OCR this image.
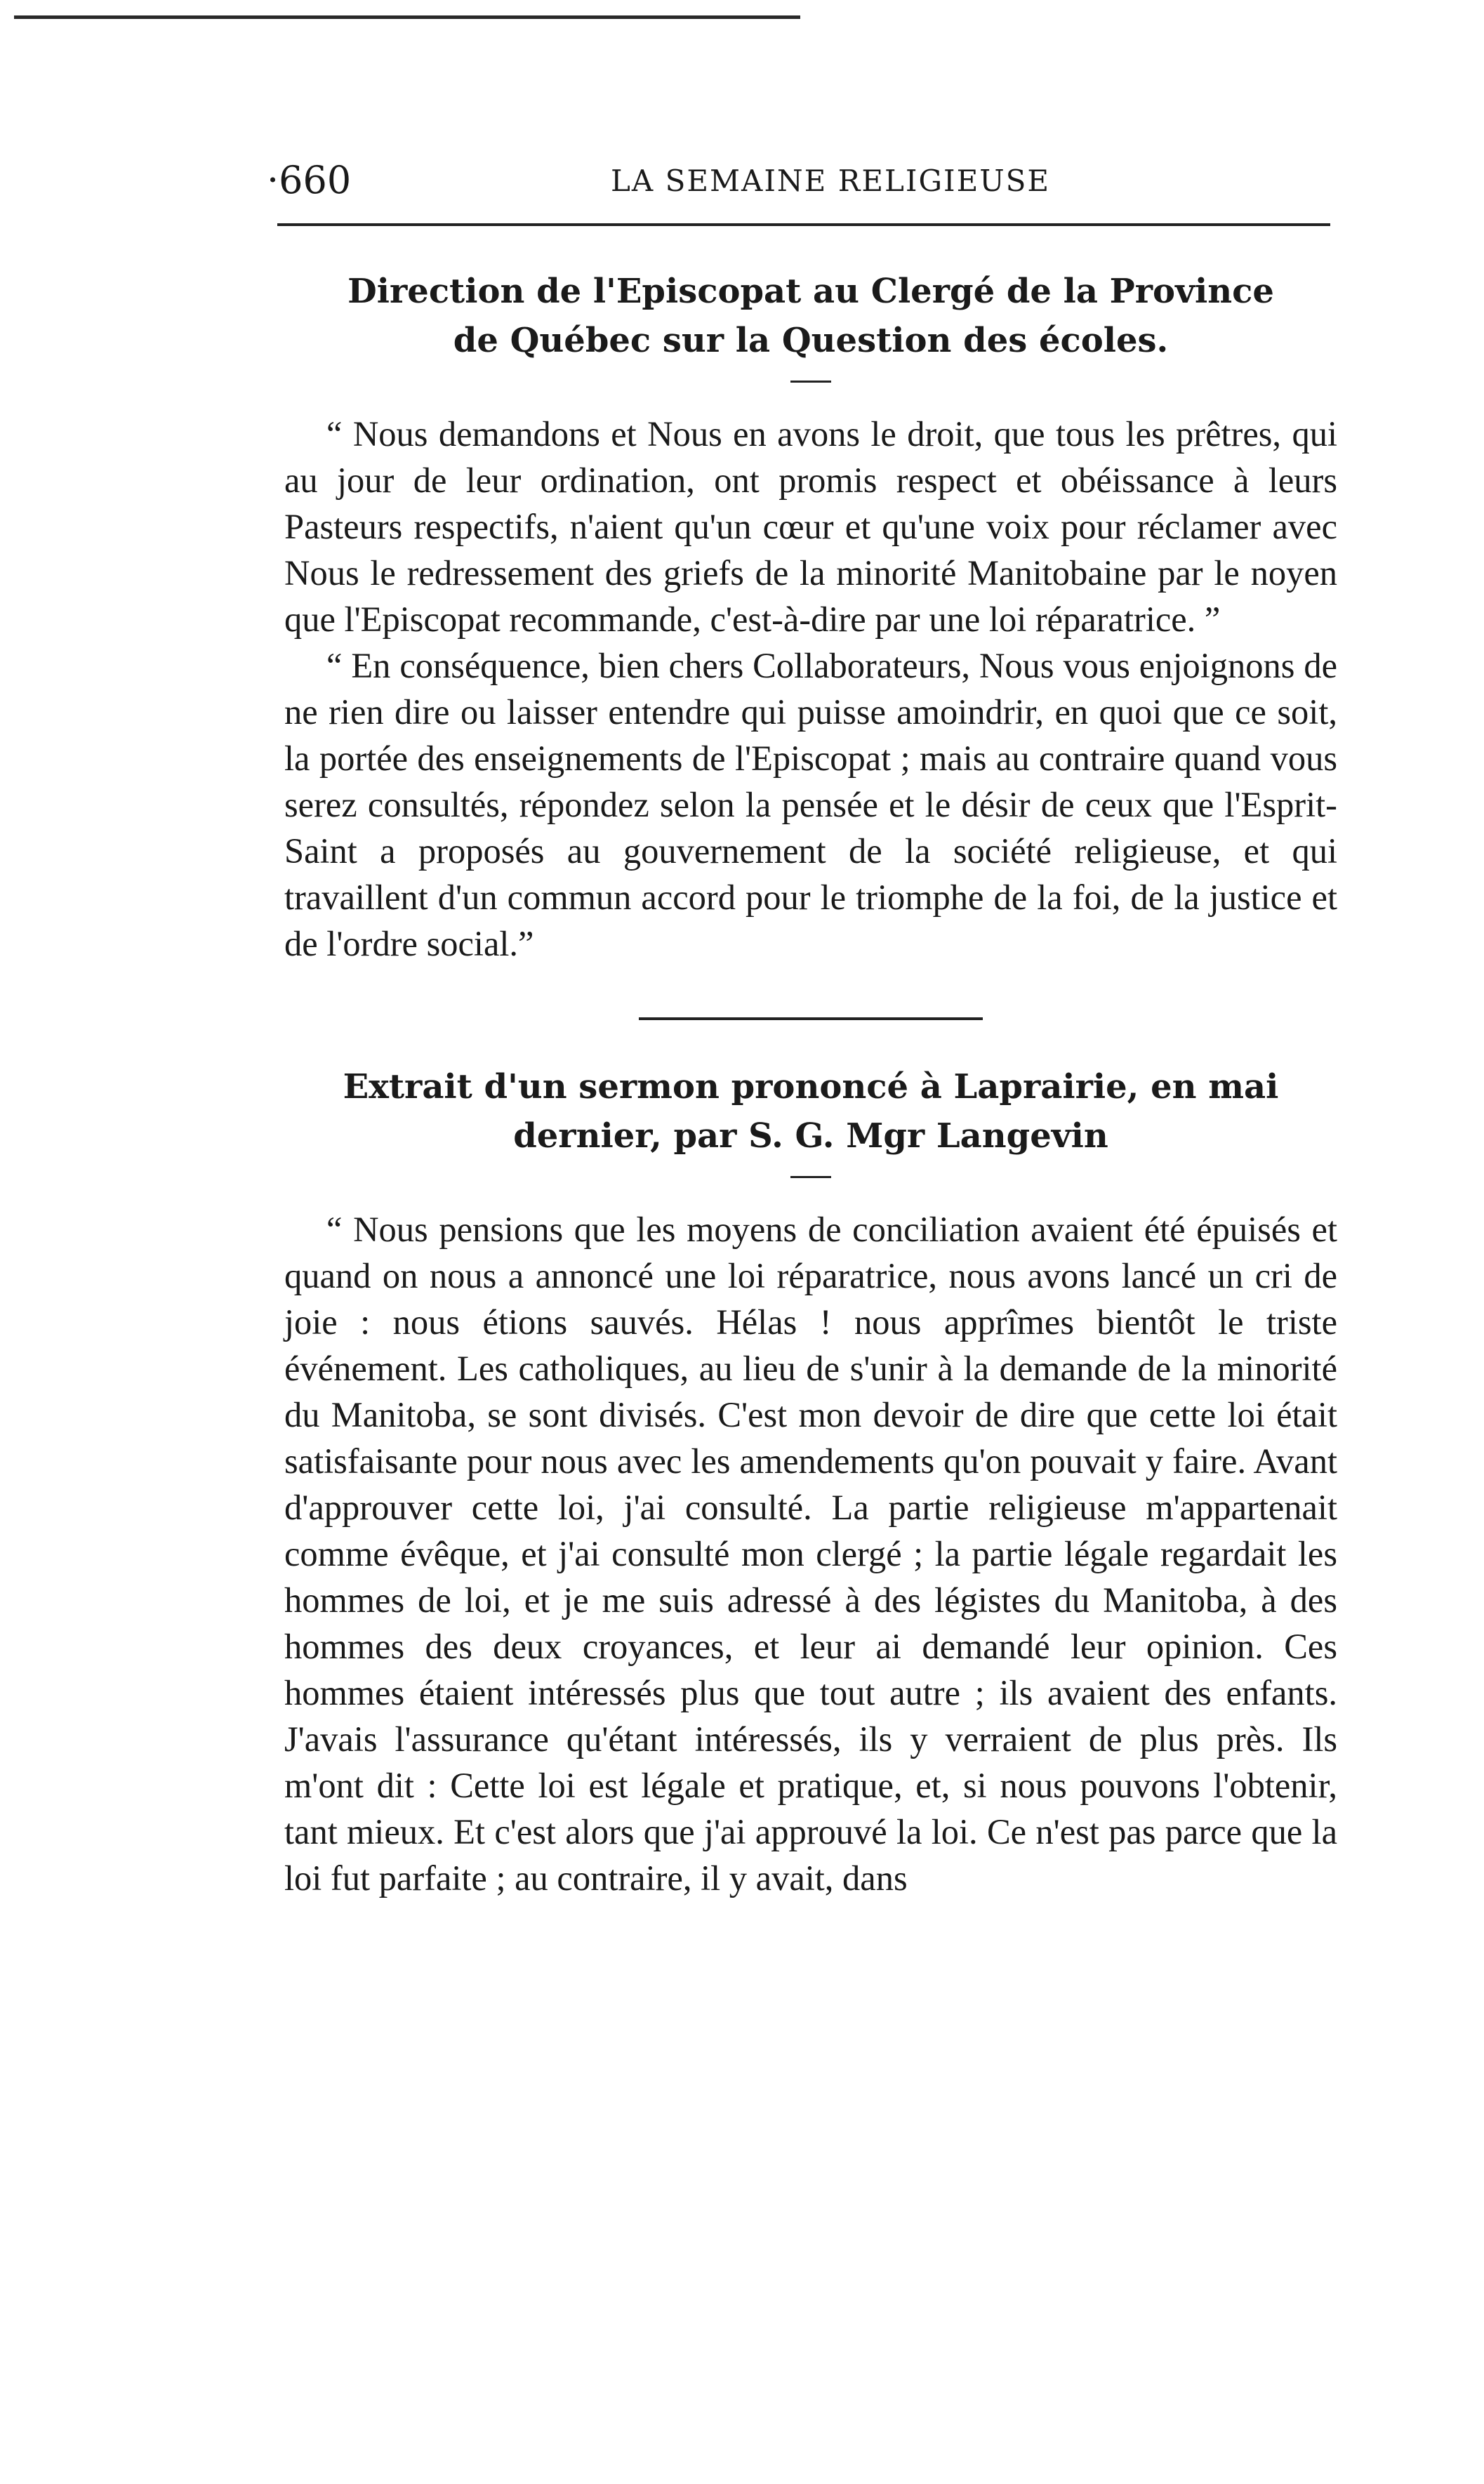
·660	LA SEMAINE RELIGIEUSE
Direction de l'Episcopat au Clergé de la Province
de Québec sur la Question des écoles.

“ Nous demandons et Nous en avons le droit, que tous les prêtres, qui au jour de leur ordination, ont promis respect et obéissance à leurs Pasteurs respectifs, n'aient qu'un cœur et qu'une voix pour réclamer avec Nous le redressement des griefs de la minorité Manitobaine par le noyen que l'Episcopat recommande, c'est-à-dire par une loi réparatrice. ”

“ En conséquence, bien chers Collaborateurs, Nous vous enjoignons de ne rien dire ou laisser entendre qui puisse amoindrir, en quoi que ce soit, la portée des enseignements de l'Episcopat ; mais au contraire quand vous serez consultés, répondez selon la pensée et le désir de ceux que l'Esprit-Saint a proposés au gouvernement de la société religieuse, et qui travaillent d'un commun accord pour le triomphe de la foi, de la justice et de l'ordre social.”

Extrait d'un sermon prononcé à Laprairie, en mai
dernier, par S. G. Mgr Langevin

“ Nous pensions que les moyens de conciliation avaient été épuisés et quand on nous a annoncé une loi réparatrice, nous avons lancé un cri de joie : nous étions sauvés. Hélas ! nous apprîmes bientôt le triste événement. Les catholiques, au lieu de s'unir à la demande de la minorité du Manitoba, se sont divisés. C'est mon devoir de dire que cette loi était satisfaisante pour nous avec les amendements qu'on pouvait y faire. Avant d'approuver cette loi, j'ai consulté. La partie religieuse m'appartenait comme évêque, et j'ai consulté mon clergé ; la partie légale regardait les hommes de loi, et je me suis adressé à des légistes du Manitoba, à des hommes des deux croyances, et leur ai demandé leur opinion. Ces hommes étaient intéressés plus que tout autre ; ils avaient des enfants. J'avais l'assurance qu'étant intéressés, ils y verraient de plus près. Ils m'ont dit : Cette loi est légale et pratique, et, si nous pouvons l'obtenir, tant mieux. Et c'est alors que j'ai approuvé la loi. Ce n'est pas parce que la loi fut parfaite ; au contraire, il y avait, dans
